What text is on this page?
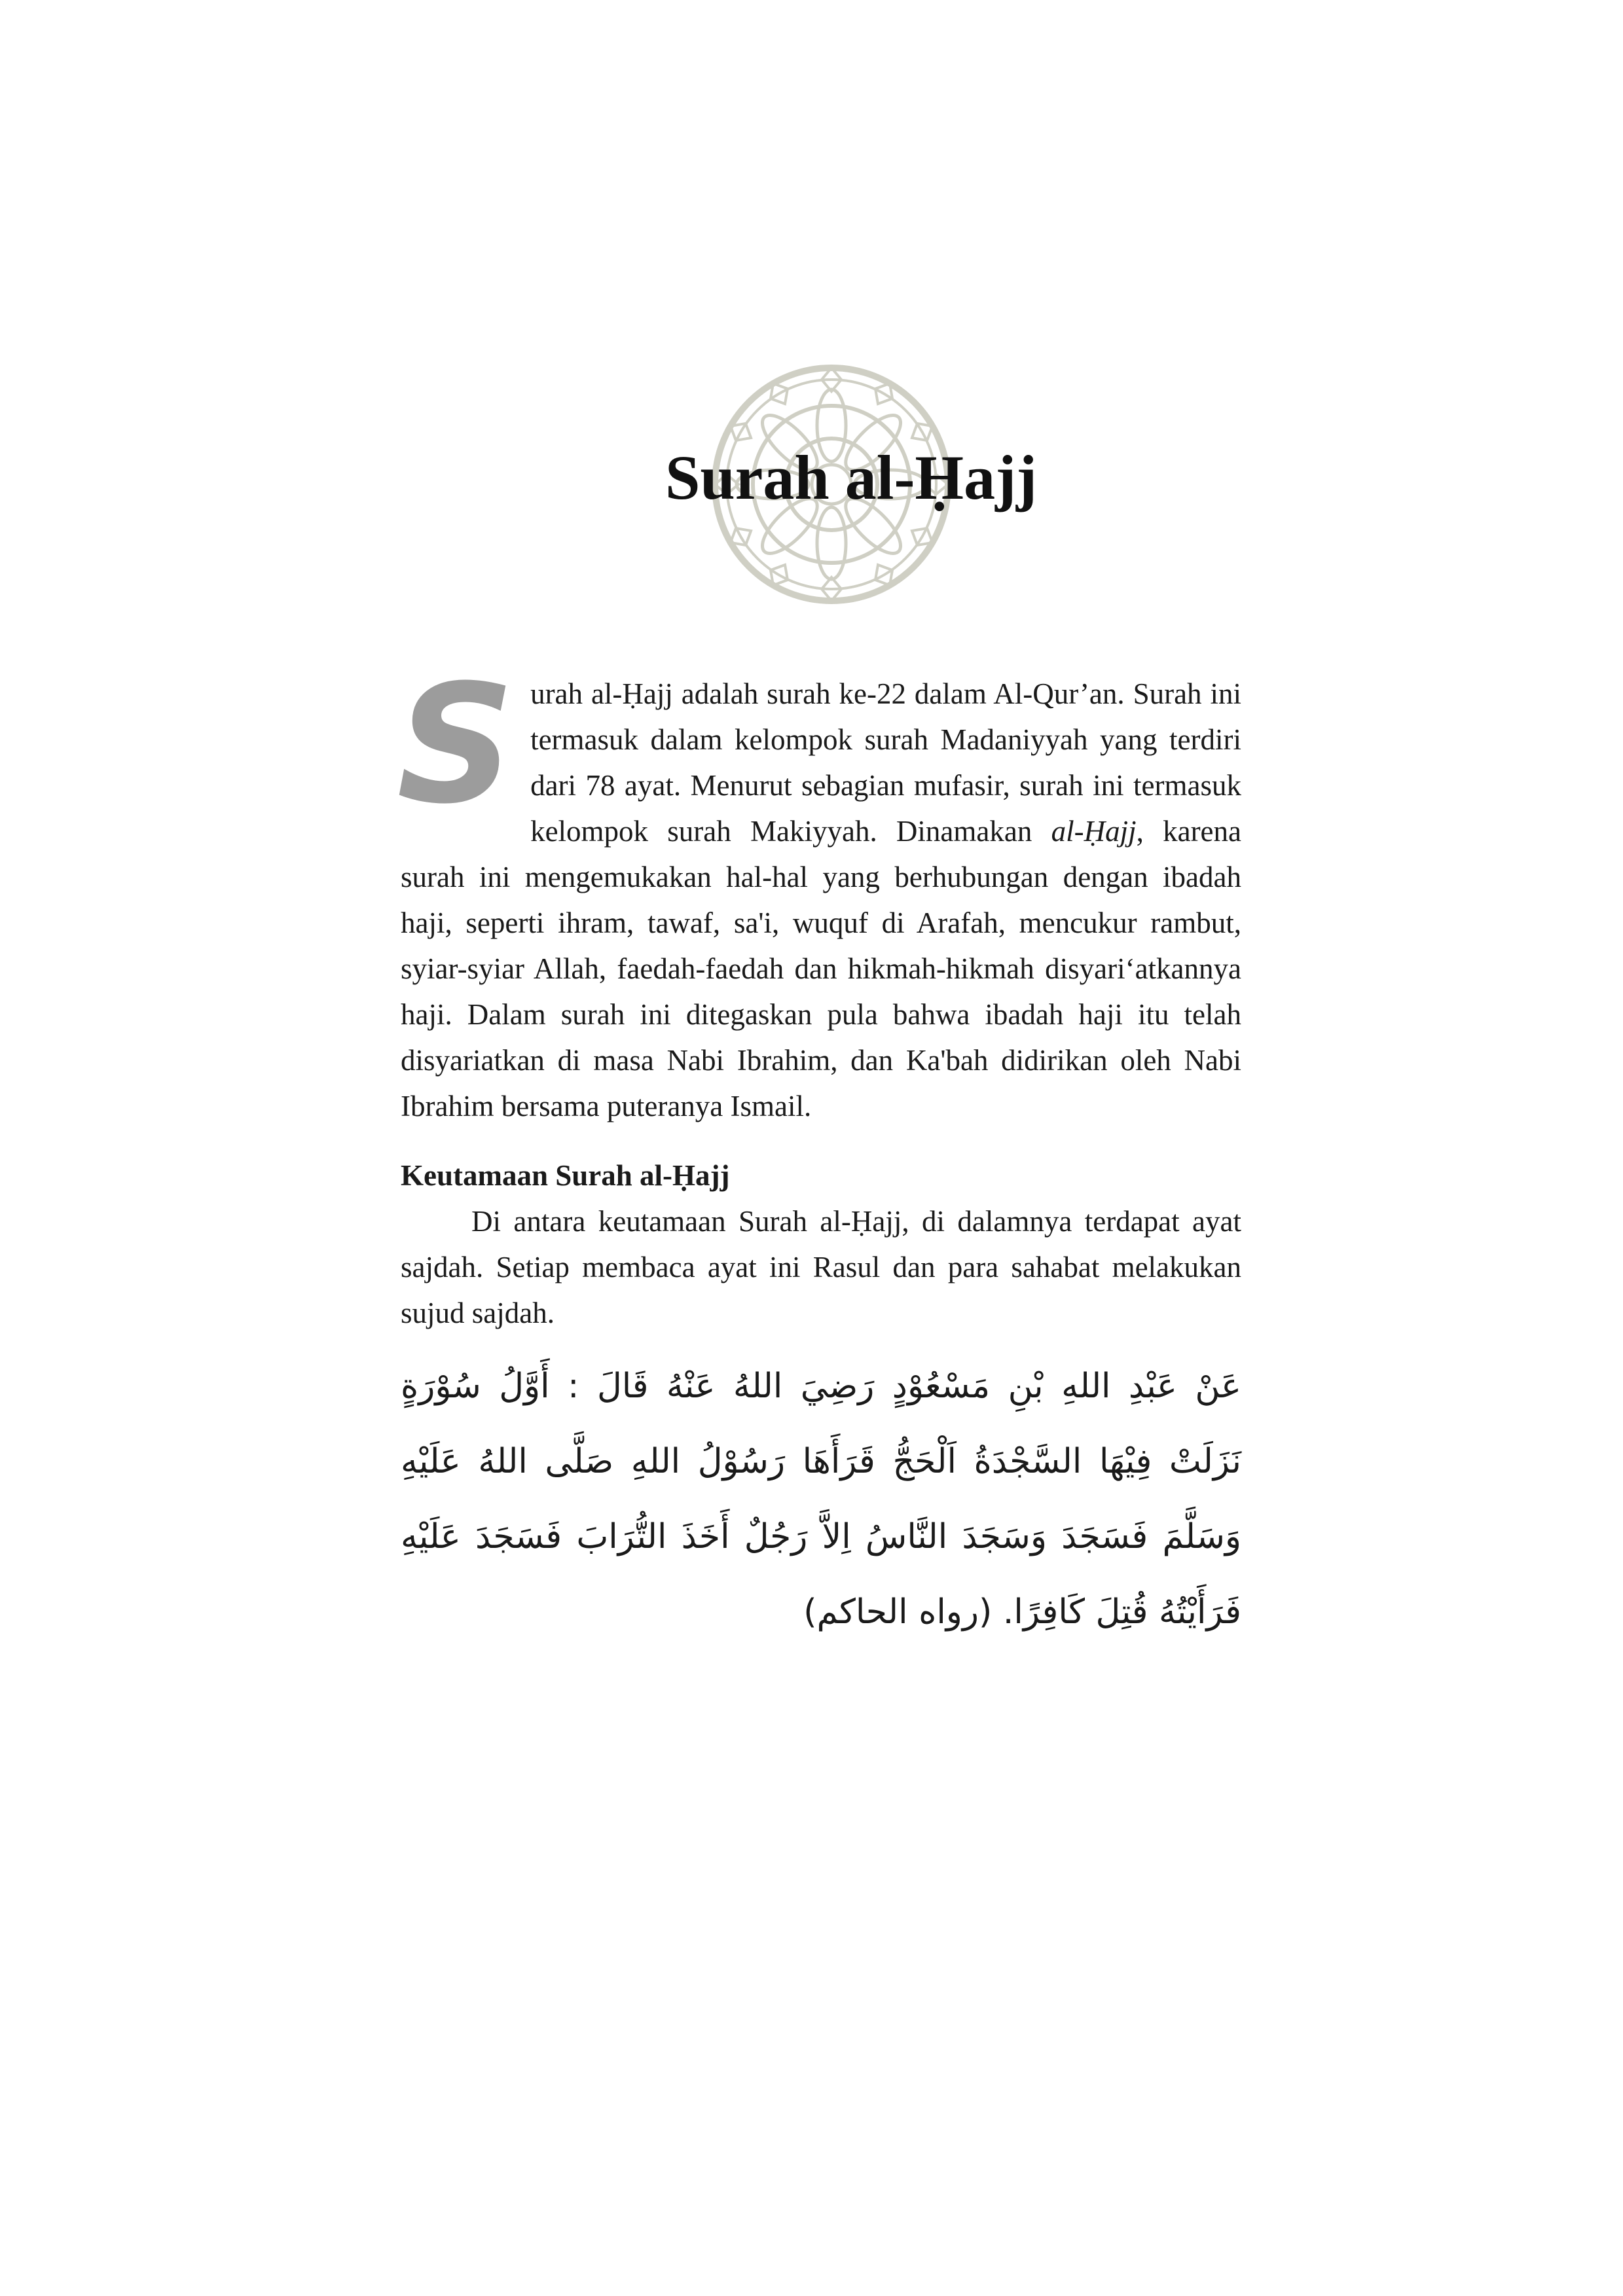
Surah al-Ḥajj

Surah al-Ḥajj adalah surah ke-22 dalam Al-Qur’an. Surah ini termasuk dalam kelompok surah Madaniyyah yang terdiri dari 78 ayat. Menurut sebagian mufasir, surah ini termasuk kelompok surah Makiyyah. Dinamakan al-Ḥajj, karena surah ini mengemukakan hal-hal yang berhubungan dengan ibadah haji, seperti ihram, tawaf, sa'i, wuquf di Arafah, mencukur rambut, syiar-syiar Allah, faedah-faedah dan hikmah-hikmah disyari‘atkannya haji. Dalam surah ini ditegaskan pula bahwa ibadah haji itu telah disyariatkan di masa Nabi Ibrahim, dan Ka'bah didirikan oleh Nabi Ibrahim bersama puteranya Ismail.

Keutamaan Surah al-Ḥajj

Di antara keutamaan Surah al-Ḥajj, di dalamnya terdapat ayat sajdah. Setiap membaca ayat ini Rasul dan para sahabat melakukan sujud sajdah.

عَنْ عَبْدِ اللهِ بْنِ مَسْعُوْدٍ رَضِيَ اللهُ عَنْهُ قَالَ : أَوَّلُ سُوْرَةٍ نَزَلَتْ فِيْهَا السَّجْدَةُ اَلْحَجُّ قَرَأَهَا رَسُوْلُ اللهِ صَلَّى اللهُ عَلَيْهِ وَسَلَّمَ فَسَجَدَ وَسَجَدَ النَّاسُ اِلاَّ رَجُلٌ أَخَذَ التُّرَابَ فَسَجَدَ عَلَيْهِ فَرَأَيْتُهُ قُتِلَ كَافِرًا. (رواه الحاكم)
